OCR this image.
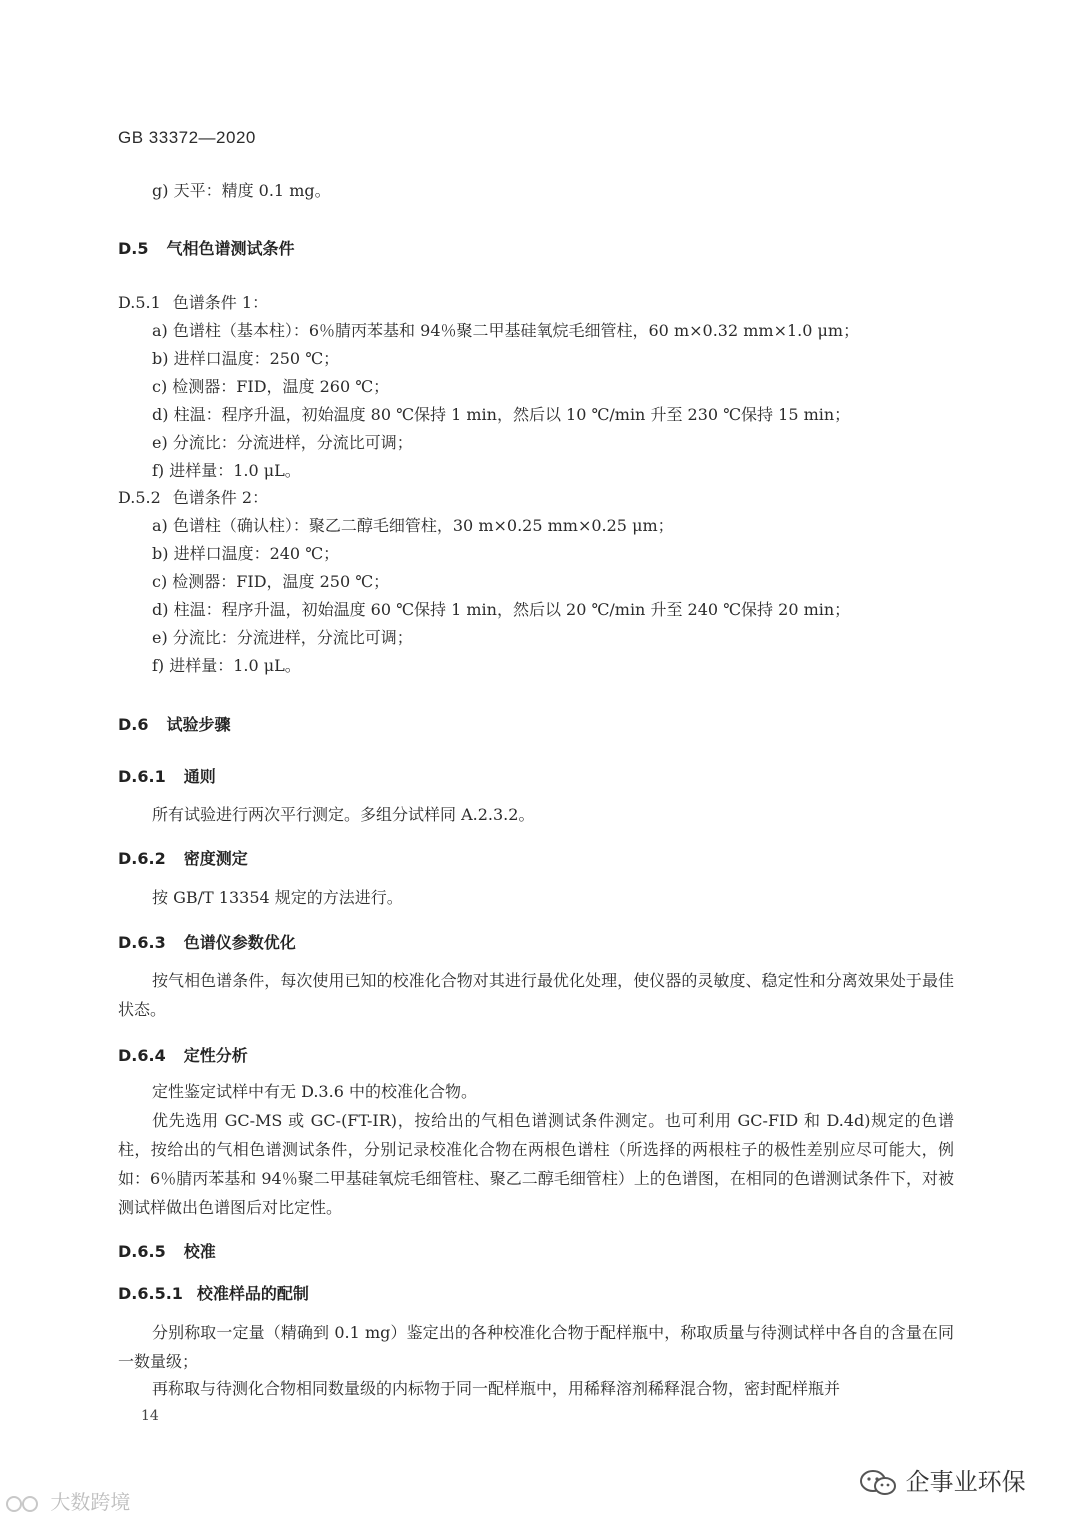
GB 33372—2020
g) 天平：精度 0.1 mg。
D.5 气相色谱测试条件
D.5.1 色谱条件 1：
a) 色谱柱（基本柱）：6％腈丙苯基和 94％聚二甲基硅氧烷毛细管柱，60 m×0.32 mm×1.0 μm；
b) 进样口温度：250 ℃；
c) 检测器：FID，温度 260 ℃；
d) 柱温：程序升温，初始温度 80 ℃保持 1 min，然后以 10 ℃/min 升至 230 ℃保持 15 min；
e) 分流比：分流进样，分流比可调；
f) 进样量：1.0 μL。
D.5.2 色谱条件 2：
a) 色谱柱（确认柱）：聚乙二醇毛细管柱，30 m×0.25 mm×0.25 μm；
b) 进样口温度：240 ℃；
c) 检测器：FID，温度 250 ℃；
d) 柱温：程序升温，初始温度 60 ℃保持 1 min，然后以 20 ℃/min 升至 240 ℃保持 20 min；
e) 分流比：分流进样，分流比可调；
f) 进样量：1.0 μL。
D.6 试验步骤
D.6.1 通则
所有试验进行两次平行测定。多组分试样同 A.2.3.2。
D.6.2 密度测定
按 GB/T 13354 规定的方法进行。
D.6.3 色谱仪参数优化
按气相色谱条件，每次使用已知的校准化合物对其进行最优化处理，使仪器的灵敏度、稳定性和分离效果处于最佳状态。
D.6.4 定性分析
定性鉴定试样中有无 D.3.6 中的校准化合物。
优先选用 GC-MS 或 GC-(FT-IR)，按给出的气相色谱测试条件测定。也可利用 GC-FID 和 D.4d)规定的色谱柱，按给出的气相色谱测试条件，分别记录校准化合物在两根色谱柱（所选择的两根柱子的极性差别应尽可能大，例如：6％腈丙苯基和 94％聚二甲基硅氧烷毛细管柱、聚乙二醇毛细管柱）上的色谱图，在相同的色谱测试条件下，对被测试样做出色谱图后对比定性。
D.6.5 校准
D.6.5.1 校准样品的配制
分别称取一定量（精确到 0.1 mg）鉴定出的各种校准化合物于配样瓶中，称取质量与待测试样中各自的含量在同一数量级；
再称取与待测化合物相同数量级的内标物于同一配样瓶中，用稀释溶剂稀释混合物，密封配样瓶并
14
大数跨境
企事业环保
